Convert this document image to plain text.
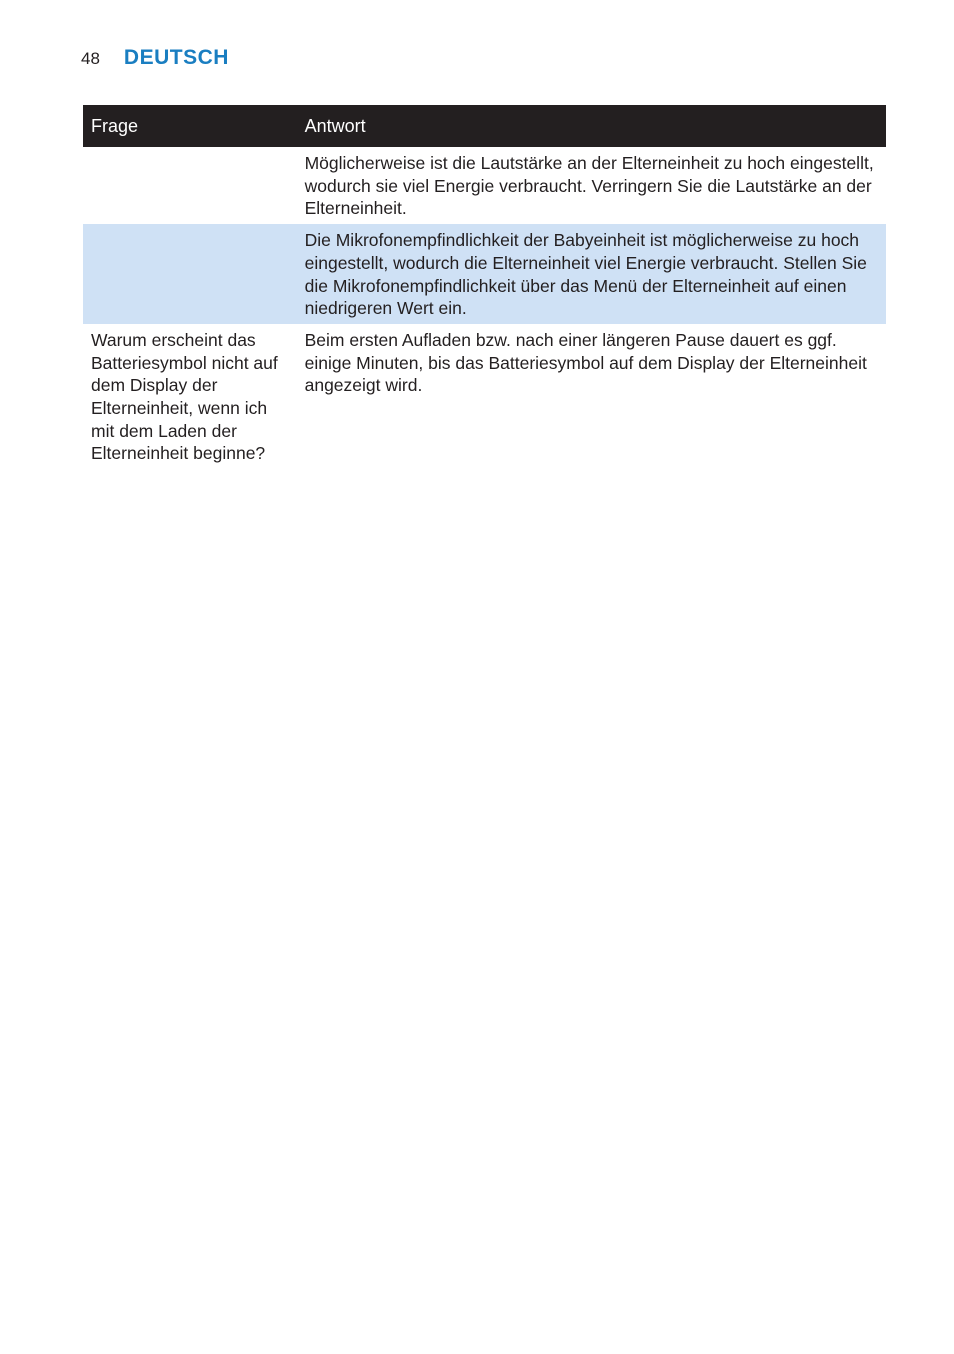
48 DEUTSCH
Frage	Antwort
	Möglicherweise ist die Lautstärke an der Elterneinheit zu hoch eingestellt, wodurch sie viel Energie verbraucht. Verringern Sie die Lautstärke an der Elterneinheit.
	Die Mikrofonempfindlichkeit der Babyeinheit ist möglicherweise zu hoch eingestellt, wodurch die Elterneinheit viel Energie verbraucht. Stellen Sie die Mikrofonempfindlichkeit über das Menü der Elterneinheit auf einen niedrigeren Wert ein.
Warum erscheint das Batteriesymbol nicht auf dem Display der Elterneinheit, wenn ich mit dem Laden der Elterneinheit beginne?	Beim ersten Aufladen bzw. nach einer längeren Pause dauert es ggf. einige Minuten, bis das Batteriesymbol auf dem Display der Elterneinheit angezeigt wird.
